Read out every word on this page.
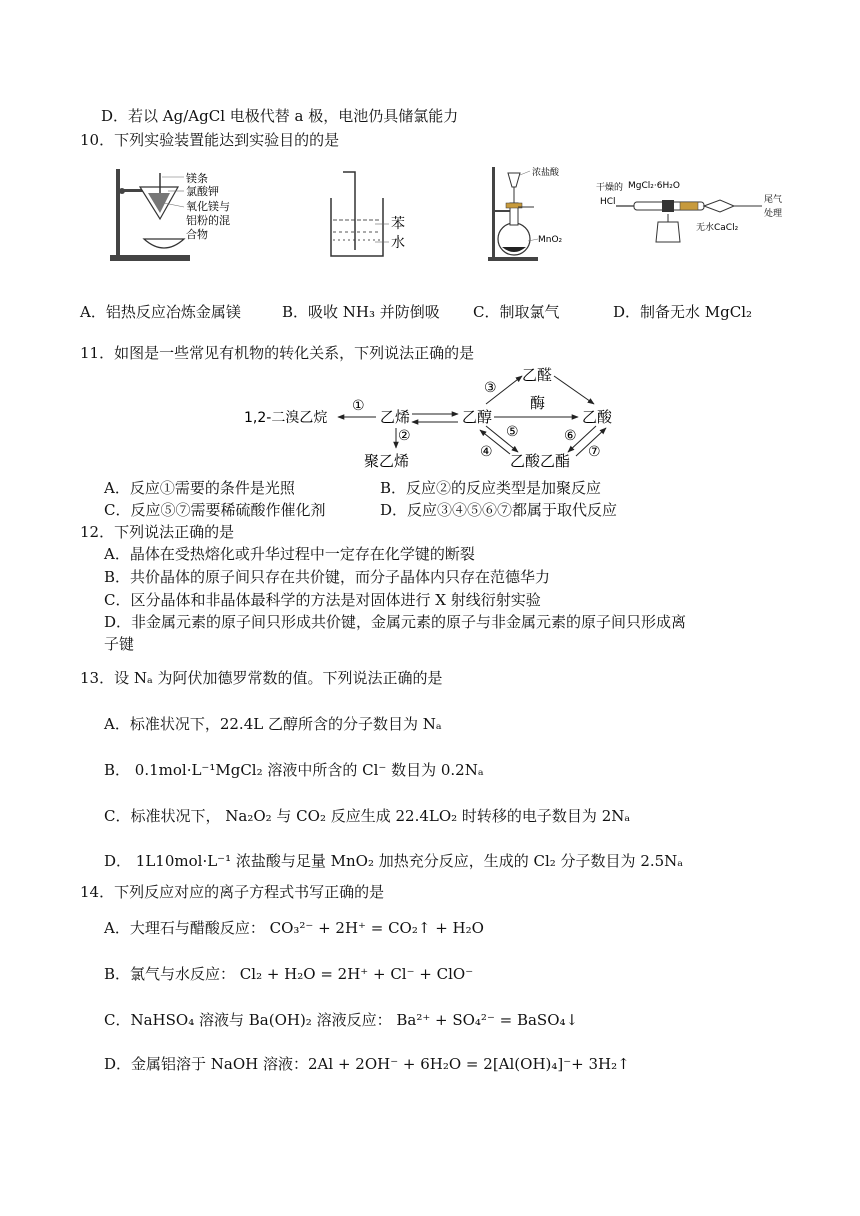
D．若以 Ag/AgCl 电极代替 a 极，电池仍具储氯能力
10．下列实验装置能达到实验目的的是
镁条
氯酸钾
氧化镁与
铝粉的混
合物
苯
水
浓盐酸
MnO₂
干燥的
HCl
MgCl₂·6H₂O
无水CaCl₂
尾气
处理
A．铝热反应冶炼金属镁	B．吸收 NH₃ 并防倒吸 C．制取氯气	D．制备无水 MgCl₂
11．如图是一些常见有机物的转化关系，下列说法正确的是
1,2-二溴乙烷	乙烯	乙醇
乙醛
乙酸
聚乙烯	乙酸乙酯
酶
①
②
③
⑤
④
⑥
⑦
A．反应①需要的条件是光照	B．反应②的反应类型是加聚反应
C．反应⑤⑦需要稀硫酸作催化剂	D．反应③④⑤⑥⑦都属于取代反应
12．下列说法正确的是
A．晶体在受热熔化或升华过程中一定存在化学键的断裂
B．共价晶体的原子间只存在共价键，而分子晶体内只存在范德华力
C．区分晶体和非晶体最科学的方法是对固体进行 X 射线衍射实验
D．非金属元素的原子间只形成共价键，金属元素的原子与非金属元素的原子间只形成离
子键
13．设 Nₐ 为阿伏加德罗常数的值。下列说法正确的是
A．标准状况下，22.4L 乙醇所含的分子数目为 Nₐ
B． 0.1mol·L⁻¹MgCl₂ 溶液中所含的 Cl⁻ 数目为 0.2Nₐ
C．标准状况下， Na₂O₂ 与 CO₂ 反应生成 22.4LO₂ 时转移的电子数目为 2Nₐ
D． 1L10mol·L⁻¹ 浓盐酸与足量 MnO₂ 加热充分反应，生成的 Cl₂ 分子数目为 2.5Nₐ
14．下列反应对应的离子方程式书写正确的是
A．大理石与醋酸反应： CO₃²⁻ + 2H⁺ = CO₂↑ + H₂O
B．氯气与水反应： Cl₂ + H₂O = 2H⁺ + Cl⁻ + ClO⁻
C．NaHSO₄ 溶液与 Ba(OH)₂ 溶液反应： Ba²⁺ + SO₄²⁻ = BaSO₄↓
D．金属铝溶于 NaOH 溶液：2Al + 2OH⁻ + 6H₂O = 2[Al(OH)₄]⁻+ 3H₂↑
